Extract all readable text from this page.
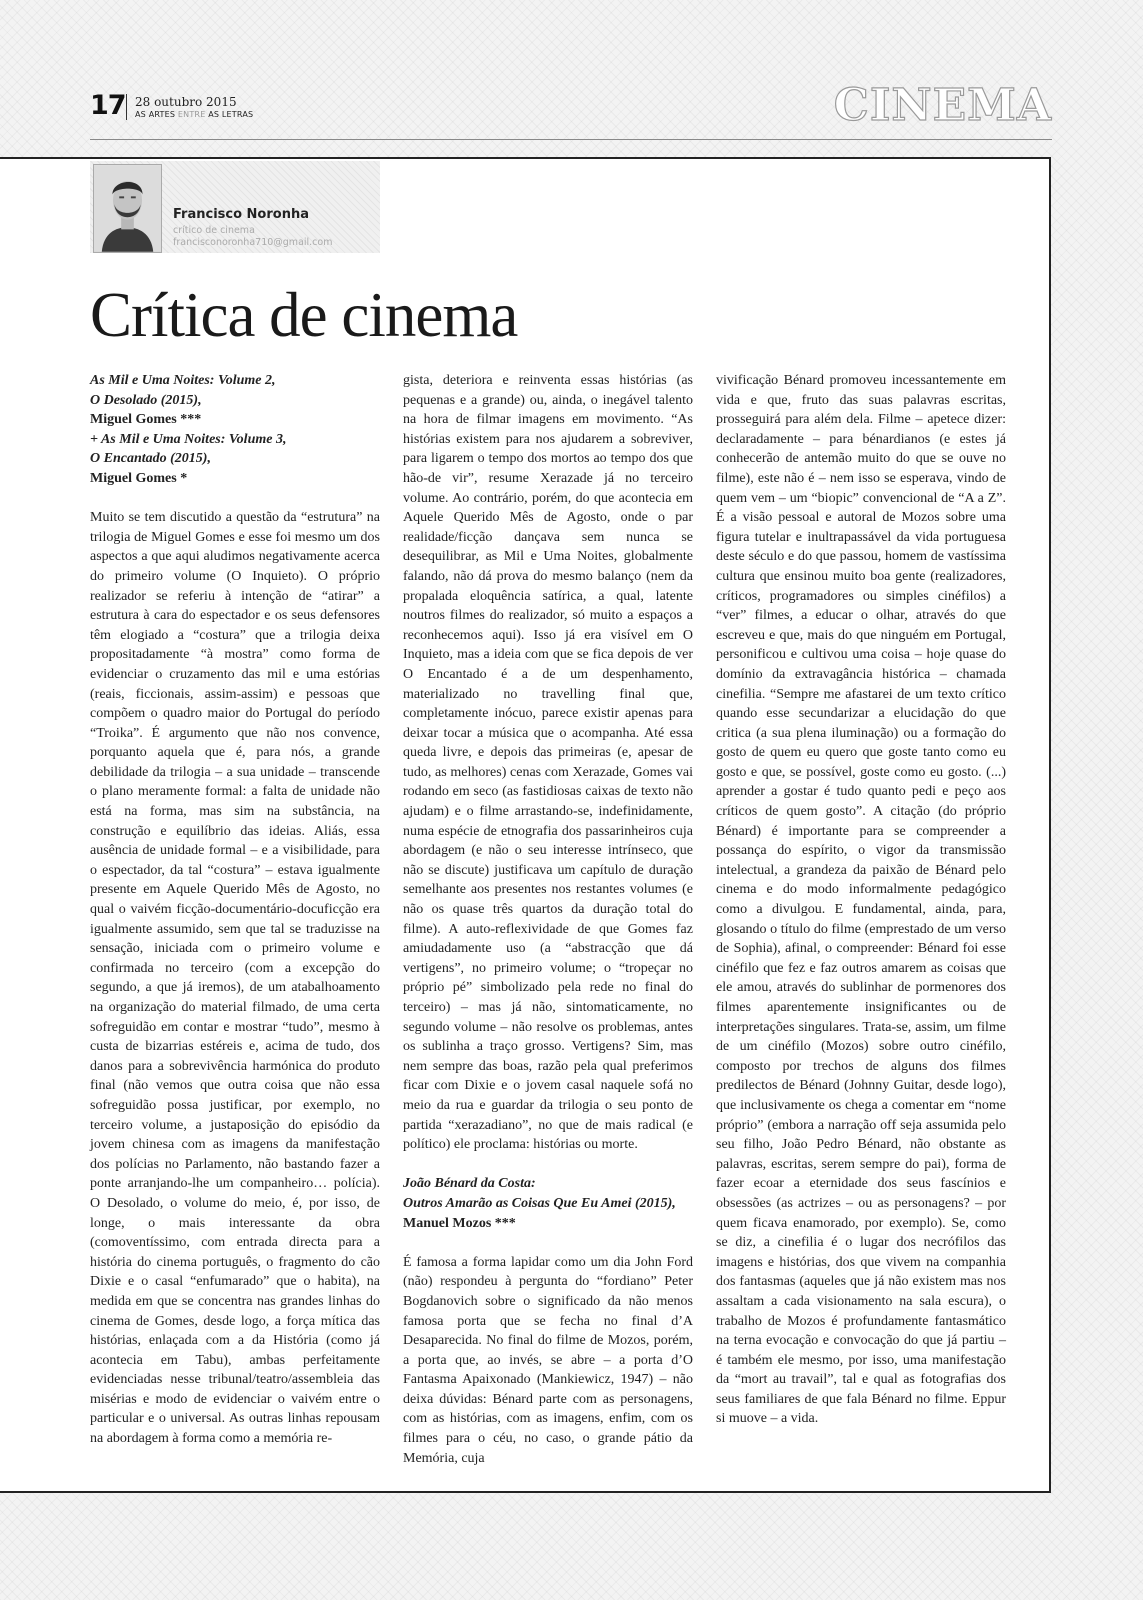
17 28 outubro 2015
AS ARTES ENTRE AS LETRAS	CINEMA
Francisco Noronha
crítico de cinema
francisconoronha710@gmail.com
Crítica de cinema
As Mil e Uma Noites: Volume 2,
O Desolado (2015),
Miguel Gomes ***
+ As Mil e Uma Noites: Volume 3,
O Encantado (2015),
Miguel Gomes *

Muito se tem discutido a questão da “estrutura” na trilogia de Miguel Gomes e esse foi mesmo um dos aspectos a que aqui aludimos negativamente acerca do primeiro volume (O Inquieto). O próprio realizador se referiu à intenção de “atirar” a estrutura à cara do espectador e os seus defensores têm elogiado a “costura” que a trilogia deixa propositadamente “à mostra” como forma de evidenciar o cruzamento das mil e uma estórias (reais, ficcionais, assim-assim) e pessoas que compõem o quadro maior do Portugal do período “Troika”. É argumento que não nos convence, porquanto aquela que é, para nós, a grande debilidade da trilogia – a sua unidade – transcende o plano meramente formal: a falta de unidade não está na forma, mas sim na substância, na construção e equilíbrio das ideias. Aliás, essa ausência de unidade formal – e a visibilidade, para o espectador, da tal “costura” – estava igualmente presente em Aquele Querido Mês de Agosto, no qual o vaivém ficção-documentário-docuficção era igualmente assumido, sem que tal se traduzisse na sensação, iniciada com o primeiro volume e confirmada no terceiro (com a excepção do segundo, a que já iremos), de um atabalhoamento na organização do material filmado, de uma certa sofreguidão em contar e mostrar “tudo”, mesmo à custa de bizarrias estéreis e, acima de tudo, dos danos para a sobrevivência harmónica do produto final (não vemos que outra coisa que não essa sofreguidão possa justificar, por exemplo, no terceiro volume, a justaposição do episódio da jovem chinesa com as imagens da manifestação dos polícias no Parlamento, não bastando fazer a ponte arranjando-lhe um companheiro… polícia). O Desolado, o volume do meio, é, por isso, de longe, o mais interessante da obra (comoventíssimo, com entrada directa para a história do cinema português, o fragmento do cão Dixie e o casal “enfumarado” que o habita), na medida em que se concentra nas grandes linhas do cinema de Gomes, desde logo, a força mítica das histórias, enlaçada com a da História (como já acontecia em Tabu), ambas perfeitamente evidenciadas nesse tribunal/teatro/assembleia das misérias e modo de evidenciar o vaivém entre o particular e o universal. As outras linhas repousam na abordagem à forma como a memória re-

gista, deteriora e reinventa essas histórias (as pequenas e a grande) ou, ainda, o inegável talento na hora de filmar imagens em movimento. “As histórias existem para nos ajudarem a sobreviver, para ligarem o tempo dos mortos ao tempo dos que hão-de vir”, resume Xerazade já no terceiro volume. Ao contrário, porém, do que acontecia em Aquele Querido Mês de Agosto, onde o par realidade/ficção dançava sem nunca se desequilibrar, as Mil e Uma Noites, globalmente falando, não dá prova do mesmo balanço (nem da propalada eloquência satírica, a qual, latente noutros filmes do realizador, só muito a espaços a reconhecemos aqui). Isso já era visível em O Inquieto, mas a ideia com que se fica depois de ver O Encantado é a de um despenhamento, materializado no travelling final que, completamente inócuo, parece existir apenas para deixar tocar a música que o acompanha. Até essa queda livre, e depois das primeiras (e, apesar de tudo, as melhores) cenas com Xerazade, Gomes vai rodando em seco (as fastidiosas caixas de texto não ajudam) e o filme arrastando-se, indefinidamente, numa espécie de etnografia dos passarinheiros cuja abordagem (e não o seu interesse intrínseco, que não se discute) justificava um capítulo de duração semelhante aos presentes nos restantes volumes (e não os quase três quartos da duração total do filme). A auto-reflexividade de que Gomes faz amiudadamente uso (a “abstracção que dá vertigens”, no primeiro volume; o “tropeçar no próprio pé” simbolizado pela rede no final do terceiro) – mas já não, sintomaticamente, no segundo volume – não resolve os problemas, antes os sublinha a traço grosso. Vertigens? Sim, mas nem sempre das boas, razão pela qual preferimos ficar com Dixie e o jovem casal naquele sofá no meio da rua e guardar da trilogia o seu ponto de partida “xerazadiano”, no que de mais radical (e político) ele proclama: histórias ou morte.

João Bénard da Costa:
Outros Amarão as Coisas Que Eu Amei (2015),
Manuel Mozos ***

É famosa a forma lapidar como um dia John Ford (não) respondeu à pergunta do “fordiano” Peter Bogdanovich sobre o significado da não menos famosa porta que se fecha no final d’A Desaparecida. No final do filme de Mozos, porém, a porta que, ao invés, se abre – a porta d’O Fantasma Apaixonado (Mankiewicz, 1947) – não deixa dúvidas: Bénard parte com as personagens, com as histórias, com as imagens, enfim, com os filmes para o céu, no caso, o grande pátio da Memória, cuja

vivificação Bénard promoveu incessantemente em vida e que, fruto das suas palavras escritas, prosseguirá para além dela. Filme – apetece dizer: declaradamente – para bénardianos (e estes já conhecerão de antemão muito do que se ouve no filme), este não é – nem isso se esperava, vindo de quem vem – um “biopic” convencional de “A a Z”. É a visão pessoal e autoral de Mozos sobre uma figura tutelar e inultrapassável da vida portuguesa deste século e do que passou, homem de vastíssima cultura que ensinou muito boa gente (realizadores, críticos, programadores ou simples cinéfilos) a “ver” filmes, a educar o olhar, através do que escreveu e que, mais do que ninguém em Portugal, personificou e cultivou uma coisa – hoje quase do domínio da extravagância histórica – chamada cinefilia. “Sempre me afastarei de um texto crítico quando esse secundarizar a elucidação do que critica (a sua plena iluminação) ou a formação do gosto de quem eu quero que goste tanto como eu gosto e que, se possível, goste como eu gosto. (...) aprender a gostar é tudo quanto pedi e peço aos críticos de quem gosto”. A citação (do próprio Bénard) é importante para se compreender a possança do espírito, o vigor da transmissão intelectual, a grandeza da paixão de Bénard pelo cinema e do modo informalmente pedagógico como a divulgou. E fundamental, ainda, para, glosando o título do filme (emprestado de um verso de Sophia), afinal, o compreender: Bénard foi esse cinéfilo que fez e faz outros amarem as coisas que ele amou, através do sublinhar de pormenores dos filmes aparentemente insignificantes ou de interpretações singulares. Trata-se, assim, um filme de um cinéfilo (Mozos) sobre outro cinéfilo, composto por trechos de alguns dos filmes predilectos de Bénard (Johnny Guitar, desde logo), que inclusivamente os chega a comentar em “nome próprio” (embora a narração off seja assumida pelo seu filho, João Pedro Bénard, não obstante as palavras, escritas, serem sempre do pai), forma de fazer ecoar a eternidade dos seus fascínios e obsessões (as actrizes – ou as personagens? – por quem ficava enamorado, por exemplo). Se, como se diz, a cinefilia é o lugar dos necrófilos das imagens e histórias, dos que vivem na companhia dos fantasmas (aqueles que já não existem mas nos assaltam a cada visionamento na sala escura), o trabalho de Mozos é profundamente fantasmático na terna evocação e convocação do que já partiu – é também ele mesmo, por isso, uma manifestação da “mort au travail”, tal e qual as fotografias dos seus familiares de que fala Bénard no filme. Eppur si muove – a vida.
